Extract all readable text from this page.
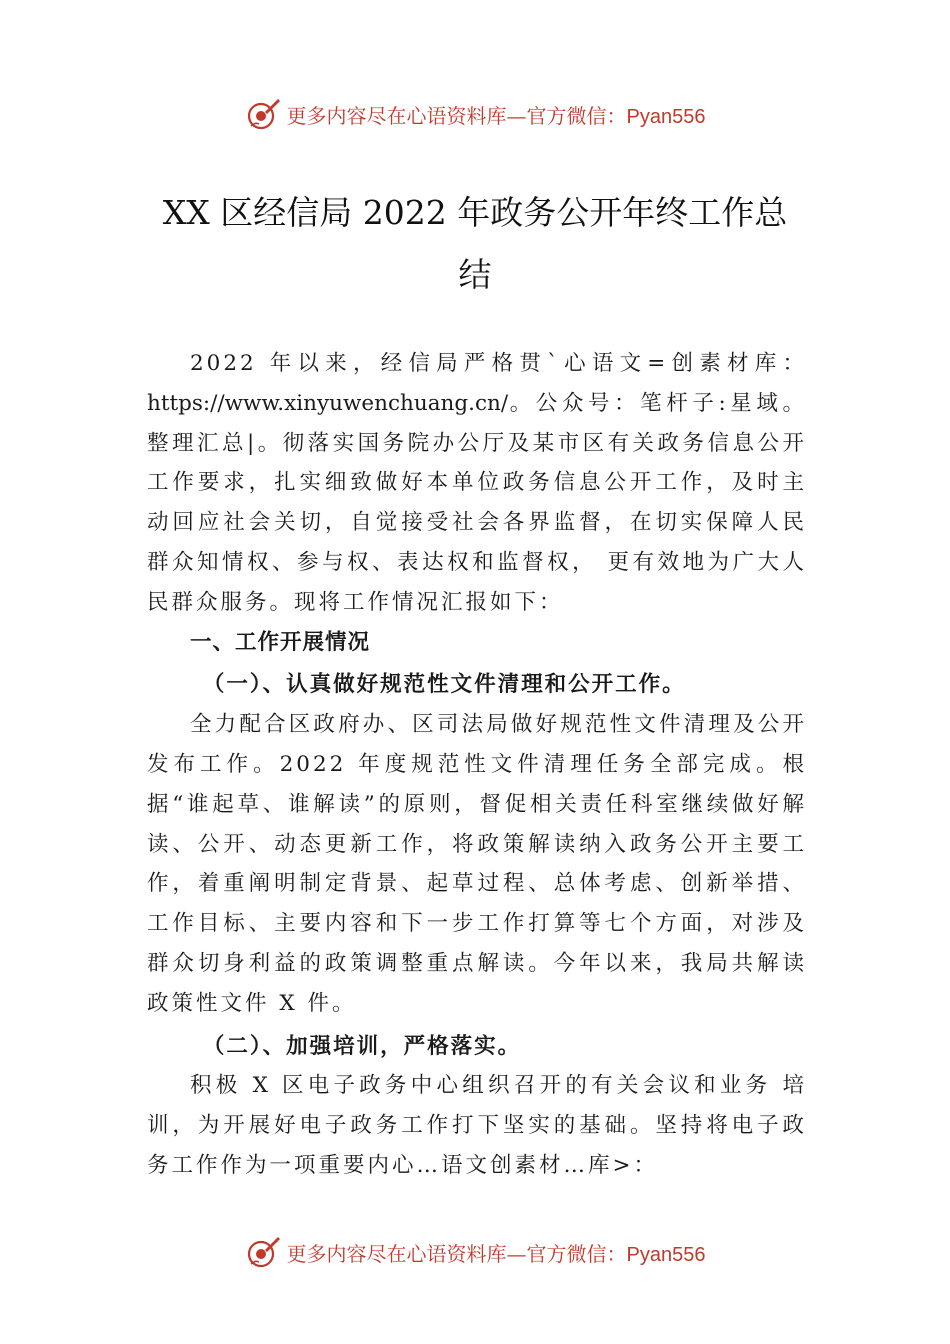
更多内容尽在心语资料库—官方微信：Pyan556
XX 区经信局 2022 年政务公开年终工作总
结

2022 年以来，经信局严格贯`心语文=创素材库：https://www.xinyuwenchuang.cn/。公众号：笔杆子:星域。整理汇总|。彻落实国务院办公厅及某市区有关政务信息公开工作要求，扎实细致做好本单位政务信息公开工作，及时主动回应社会关切，自觉接受社会各界监督，在切实保障人民群众知情权、参与权、表达权和监督权， 更有效地为广大人民群众服务。现将工作情况汇报如下：

一、工作开展情况

（一）、认真做好规范性文件清理和公开工作。

全力配合区政府办、区司法局做好规范性文件清理及公开发布工作。2022 年度规范性文件清理任务全部完成。根据“谁起草、谁解读”的原则，督促相关责任科室继续做好解读、公开、动态更新工作，将政策解读纳入政务公开主要工作，着重阐明制定背景、起草过程、总体考虑、创新举措、 工作目标、主要内容和下一步工作打算等七个方面，对涉及群众切身利益的政策调整重点解读。今年以来，我局共解读政策性文件 X 件。

（二）、加强培训，严格落实。

积极 X 区电子政务中心组织召开的有关会议和业务 培训，为开展好电子政务工作打下坚实的基础。坚持将电子政务工作作为一项重要内心…语文创素材…库>：

更多内容尽在心语资料库—官方微信：Pyan556
